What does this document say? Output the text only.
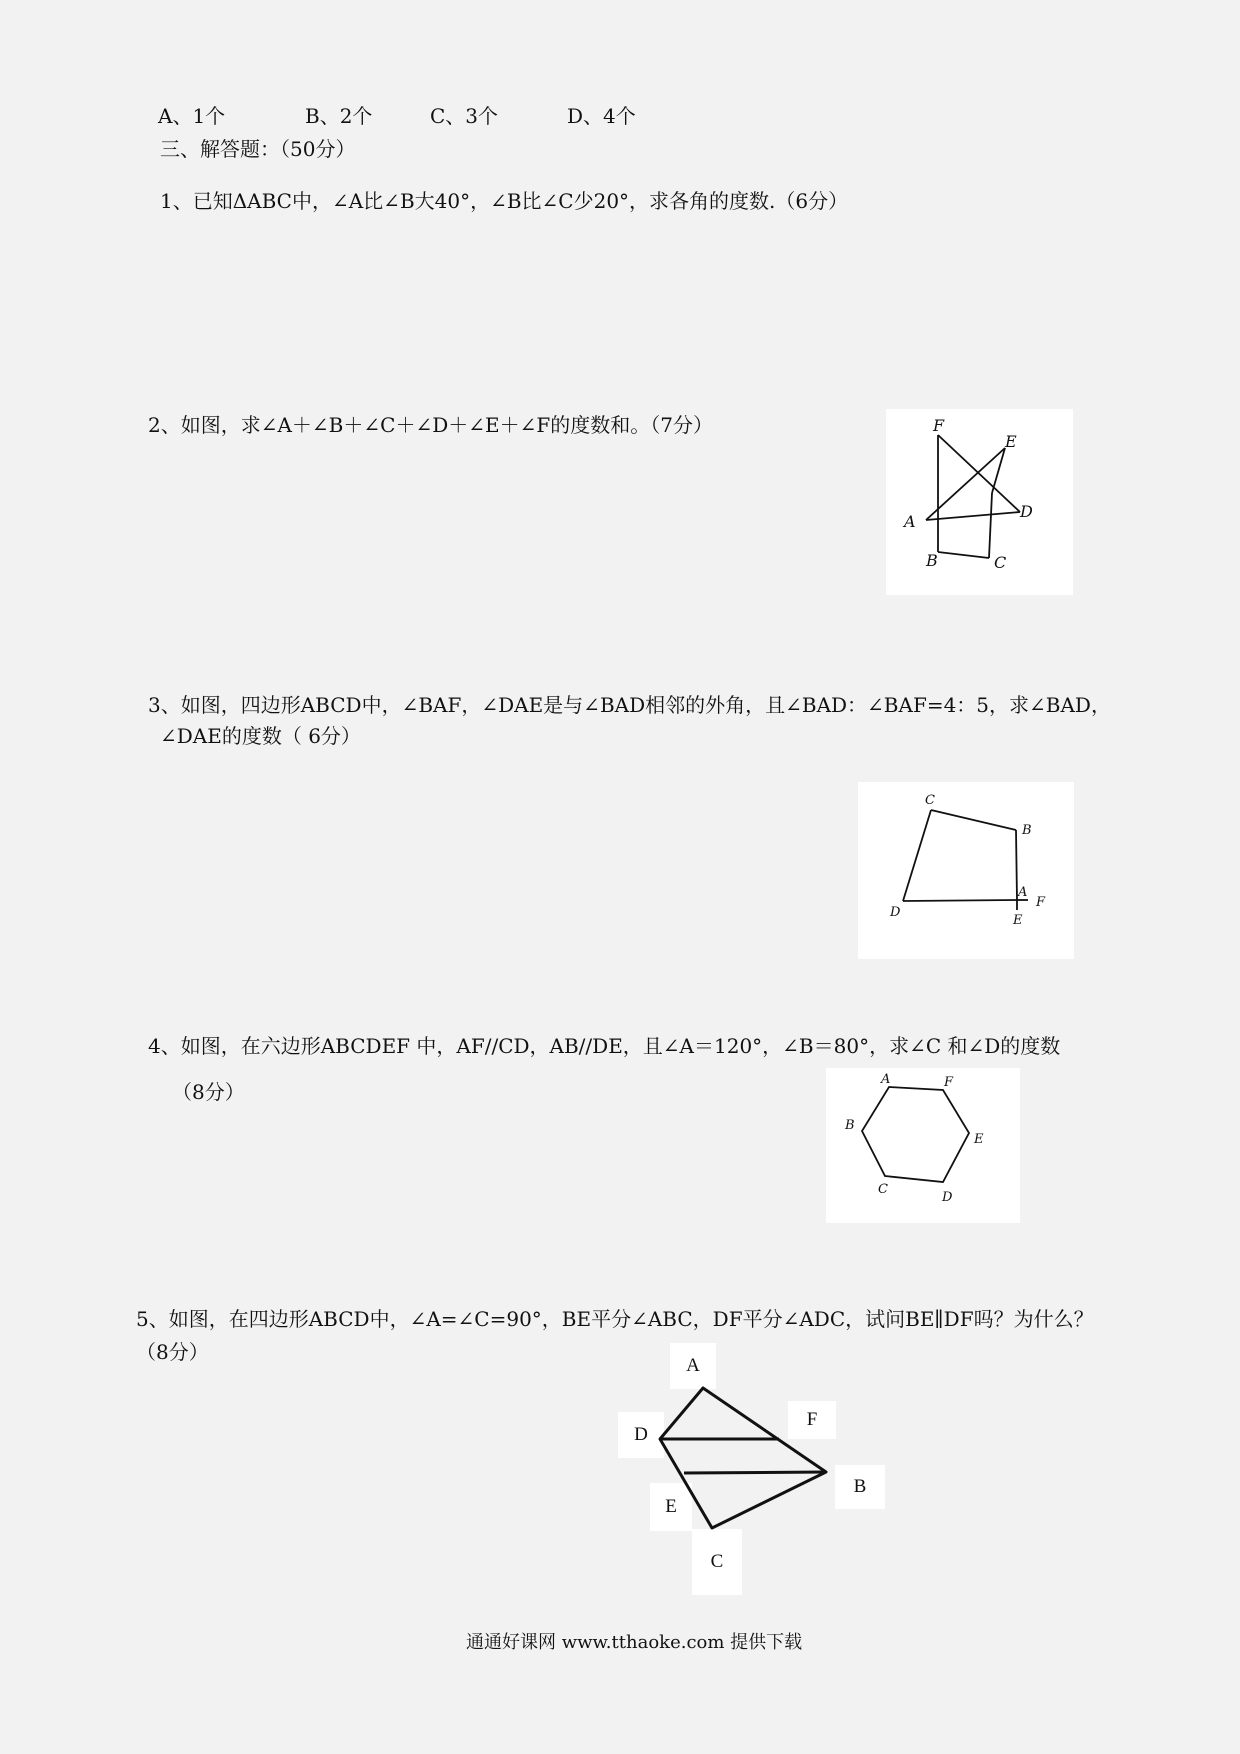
A、1个	B、2个	C、3个	D、4个
三、解答题：（50分）
1、已知ΔABC中，∠A比∠B大40°，∠B比∠C少20°，求各角的度数.（6分）
2、如图，求∠A＋∠B＋∠C＋∠D＋∠E＋∠F的度数和。（7分）	F
E
A
D
B	C
3、如图，四边形ABCD中，∠BAF，∠DAE是与∠BAD相邻的外角，且∠BAD：∠BAF=4：5，求∠BAD，
∠DAE的度数（ 6分）
C
B
A
F
D
E
4、如图，在六边形ABCDEF 中，AF//CD，AB//DE，且∠A＝120°，∠B＝80°，求∠C 和∠D的度数
（8分）
A	F
B
E
C
D
5、如图，在四边形ABCD中，∠A=∠C=90°，BE平分∠ABC，DF平分∠ADC，试问BE∥DF吗？为什么？
（8分）
A
D
F
B
E
C
通通好课网 www.tthaoke.com 提供下载
